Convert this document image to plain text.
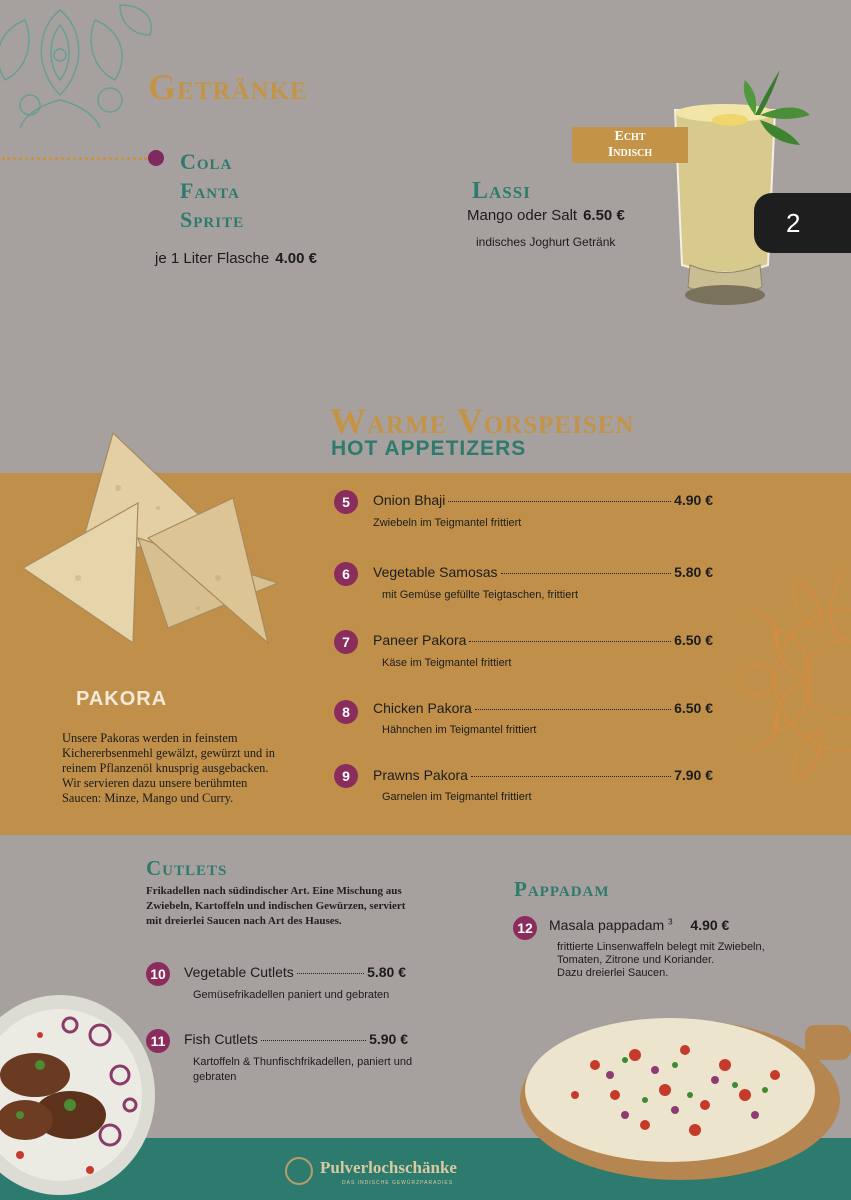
Getränke
Cola
Fanta
Sprite
je 1 Liter Flasche 4.00 €
Echt
Indisch
Lassi
Mango oder Salt 6.50 €
indisches Joghurt Getränk
2
Warme Vorspeisen
HOT APPETIZERS
5	Onion Bhaji	4.90 €
Zwiebeln im Teigmantel frittiert
6	Vegetable Samosas	5.80 €
mit Gemüse gefüllte Teigtaschen, frittiert
7	Paneer Pakora	6.50 €
Käse im Teigmantel frittiert
8	Chicken Pakora	6.50 €
Hähnchen im Teigmantel frittiert
9	Prawns Pakora	7.90 €
Garnelen im Teigmantel frittiert
PAKORA
Unsere Pakoras werden in feinstem Kichererbsenmehl gewälzt, gewürzt und in reinem Pflanzenöl knusprig ausgebacken. Wir servieren dazu unsere berühmten Saucen: Minze, Mango und Curry.
Cutlets
Frikadellen nach südindischer Art. Eine Mischung aus Zwiebeln, Kartoffeln und indischen Gewürzen, serviert mit dreierlei Saucen nach Art des Hauses.
10	Vegetable Cutlets	5.80 €
Gemüsefrikadellen paniert und gebraten
11	Fish Cutlets	5.90 €
Kartoffeln & Thunfischfrikadellen, paniert und gebraten
Pappadam
12	Masala pappadam $^3$ 4.90 €
frittierte Linsenwaffeln belegt mit Zwiebeln,
Tomaten, Zitrone und Koriander.
Dazu dreierlei Saucen.
Pulverlochschänke
DAS INDISCHE GEWÜRZPARADIES
